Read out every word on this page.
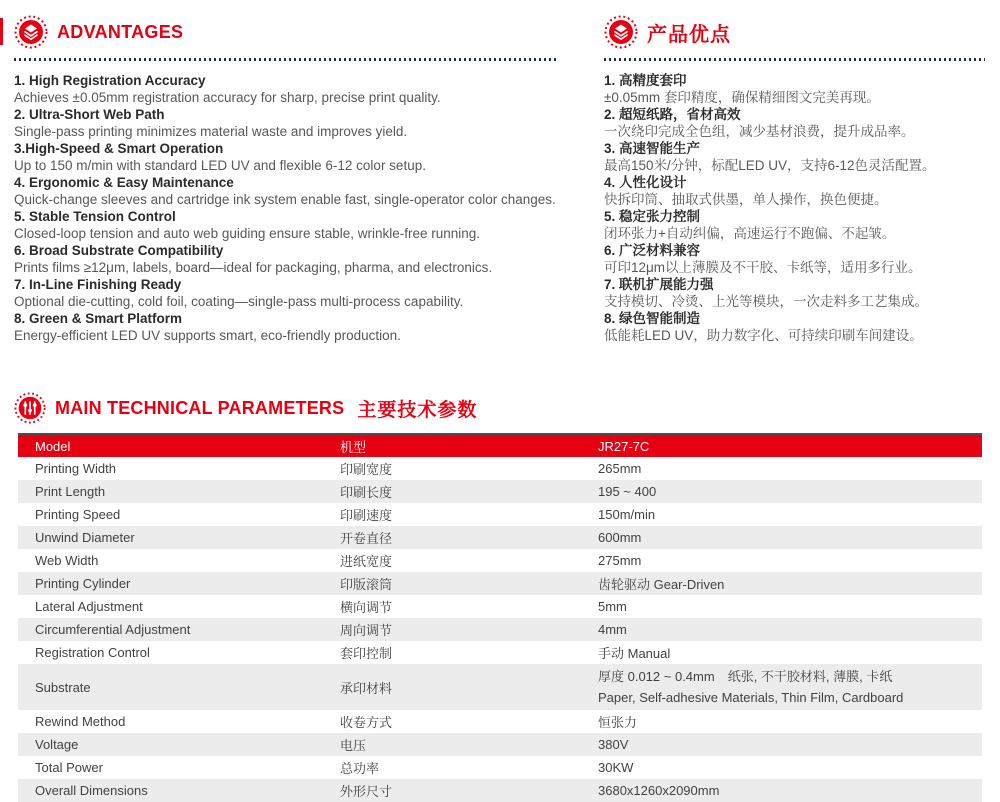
ADVANTAGES
1. High Registration Accuracy
Achieves ±0.05mm registration accuracy for sharp, precise print quality.
2. Ultra-Short Web Path
Single-pass printing minimizes material waste and improves yield.
3.High-Speed & Smart Operation
Up to 150 m/min with standard LED UV and flexible 6-12 color setup.
4. Ergonomic & Easy Maintenance
Quick-change sleeves and cartridge ink system enable fast, single-operator color changes.
5. Stable Tension Control
Closed-loop tension and auto web guiding ensure stable, wrinkle-free running.
6. Broad Substrate Compatibility
Prints films ≥12μm, labels, board—ideal for packaging, pharma, and electronics.
7. In-Line Finishing Ready
Optional die-cutting, cold foil, coating—single-pass multi-process capability.
8. Green & Smart Platform
Energy-efficient LED UV supports smart, eco-friendly production.
产品优点
1. 高精度套印
±0.05mm 套印精度，确保精细图文完美再现。
2. 超短纸路，省材高效
一次绕印完成全色组，减少基材浪费，提升成品率。
3. 高速智能生产
最高150米/分钟，标配LED UV，支持6-12色灵活配置。
4. 人性化设计
快拆印筒、抽取式供墨，单人操作，换色便捷。
5. 稳定张力控制
闭环张力+自动纠偏，高速运行不跑偏、不起皱。
6. 广泛材料兼容
可印12μm以上薄膜及不干胶、卡纸等，适用多行业。
7. 联机扩展能力强
支持模切、冷烫、上光等模块，一次走料多工艺集成。
8. 绿色智能制造
低能耗LED UV，助力数字化、可持续印刷车间建设。
MAIN TECHNICAL PARAMETERS 主要技术参数
Model	机型	JR27-7C
Printing Width	印刷宽度	265mm
Print Length	印刷长度	195 ~ 400
Printing Speed	印刷速度	150m/min
Unwind Diameter	开卷直径	600mm
Web Width	进纸宽度	275mm
Printing Cylinder	印版滚筒	齿轮驱动 Gear-Driven
Lateral Adjustment	横向调节	5mm
Circumferential Adjustment	周向调节	4mm
Registration Control	套印控制	手动 Manual
Substrate	承印材料	厚度 0.012 ~ 0.4mm 纸张, 不干胶材料, 薄膜, 卡纸
Paper, Self-adhesive Materials, Thin Film, Cardboard

Rewind Method	收卷方式	恒张力
Voltage	电压	380V
Total Power	总功率	30KW
Overall Dimensions	外形尺寸	3680x1260x2090mm
